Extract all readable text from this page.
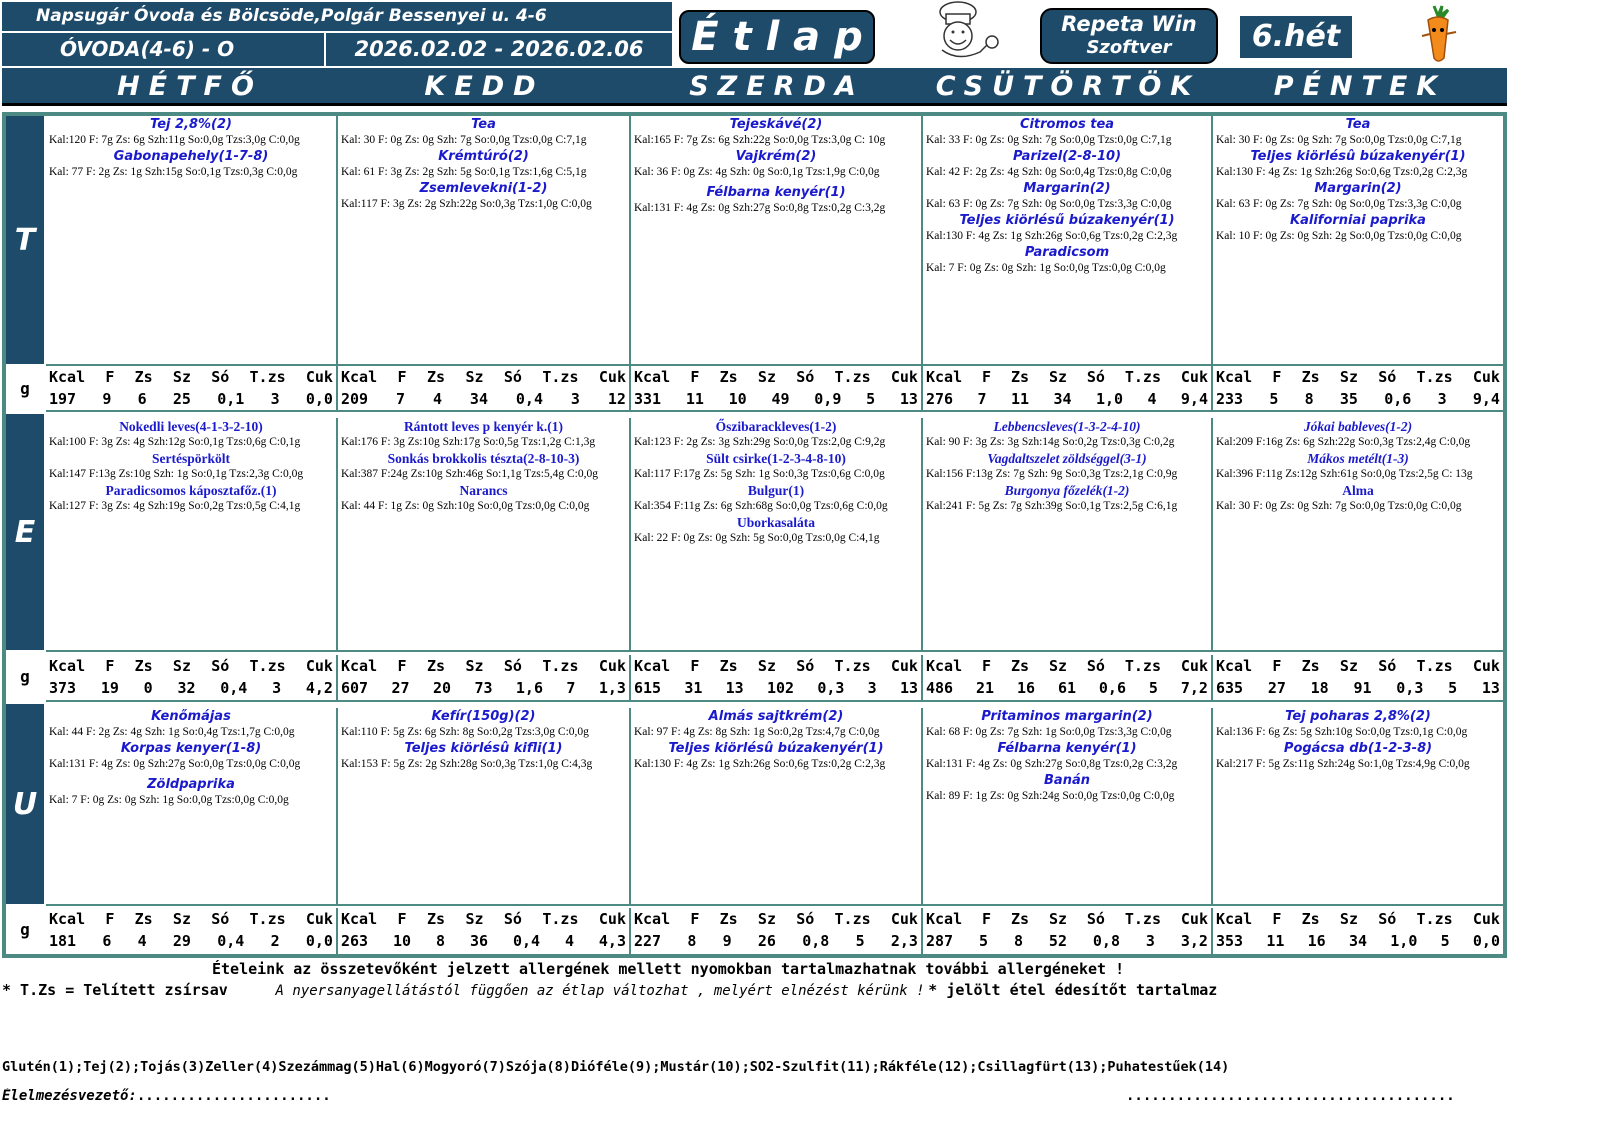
Napsugár Óvoda és Bölcsöde,Polgár Bessenyei u. 4-6
ÓVODA(4-6) - O	2026.02.02 - 2026.02.06	É t l a p	Repeta Win
Szoftver	6.hét
HÉTFŐ	KEDD	SZERDA	CSÜTÖRTÖK	PÉNTEK
T
Tej 2,8%(2)
Kal:120 F: 7g Zs: 6g Szh:11g So:0,0g Tzs:3,0g C:0,0g
Gabonapehely(1-7-8)
Kal: 77 F: 2g Zs: 1g Szh:15g So:0,1g Tzs:0,3g C:0,0g
Tea
Kal: 30 F: 0g Zs: 0g Szh: 7g So:0,0g Tzs:0,0g C:7,1g
Krémtúró(2)
Kal: 61 F: 3g Zs: 2g Szh: 5g So:0,1g Tzs:1,6g C:5,1g
Zsemlevekni(1-2)
Kal:117 F: 3g Zs: 2g Szh:22g So:0,3g Tzs:1,0g C:0,0g
Tejeskávé(2)
Kal:165 F: 7g Zs: 6g Szh:22g So:0,0g Tzs:3,0g C: 10g
Vajkrém(2)
Kal: 36 F: 0g Zs: 4g Szh: 0g So:0,1g Tzs:1,9g C:0,0g
Félbarna kenyér(1)
Kal:131 F: 4g Zs: 0g Szh:27g So:0,8g Tzs:0,2g C:3,2g
Citromos tea
Kal: 33 F: 0g Zs: 0g Szh: 7g So:0,0g Tzs:0,0g C:7,1g
Parizel(2-8-10)
Kal: 42 F: 2g Zs: 4g Szh: 0g So:0,4g Tzs:0,8g C:0,0g
Margarin(2)
Kal: 63 F: 0g Zs: 7g Szh: 0g So:0,0g Tzs:3,3g C:0,0g
Teljes kiörlésű búzakenyér(1)
Kal:130 F: 4g Zs: 1g Szh:26g So:0,6g Tzs:0,2g C:2,3g
Paradicsom
Kal: 7 F: 0g Zs: 0g Szh: 1g So:0,0g Tzs:0,0g C:0,0g
Tea
Kal: 30 F: 0g Zs: 0g Szh: 7g So:0,0g Tzs:0,0g C:7,1g
Teljes kiörlésû búzakenyér(1)
Kal:130 F: 4g Zs: 1g Szh:26g So:0,6g Tzs:0,2g C:2,3g
Margarin(2)
Kal: 63 F: 0g Zs: 7g Szh: 0g So:0,0g Tzs:3,3g C:0,0g
Kaliforniai paprika
Kal: 10 F: 0g Zs: 0g Szh: 2g So:0,0g Tzs:0,0g C:0,0g
g
Kcal F Zs Sz Só T.zs Cuk
197 9 6 25 0,1 3 0,0
Kcal F Zs Sz Só T.zs Cuk
209 7 4 34 0,4 3 12
Kcal F Zs Sz Só T.zs Cuk
331 11 10 49 0,9 5 13
Kcal F Zs Sz Só T.zs Cuk
276 7 11 34 1,0 4 9,4
Kcal F Zs Sz Só T.zs Cuk
233 5 8 35 0,6 3 9,4
E
Nokedli leves(4-1-3-2-10)
Kal:100 F: 3g Zs: 4g Szh:12g So:0,1g Tzs:0,6g C:0,1g
Sertéspörkölt
Kal:147 F:13g Zs:10g Szh: 1g So:0,1g Tzs:2,3g C:0,0g
Paradicsomos káposztafőz.(1)
Kal:127 F: 3g Zs: 4g Szh:19g So:0,2g Tzs:0,5g C:4,1g
Rántott leves p kenyér k.(1)
Kal:176 F: 3g Zs:10g Szh:17g So:0,5g Tzs:1,2g C:1,3g
Sonkás brokkolis tészta(2-8-10-3)
Kal:387 F:24g Zs:10g Szh:46g So:1,1g Tzs:5,4g C:0,0g
Narancs
Kal: 44 F: 1g Zs: 0g Szh:10g So:0,0g Tzs:0,0g C:0,0g
Őszibarackleves(1-2)
Kal:123 F: 2g Zs: 3g Szh:29g So:0,0g Tzs:2,0g C:9,2g
Sült csirke(1-2-3-4-8-10)
Kal:117 F:17g Zs: 5g Szh: 1g So:0,3g Tzs:0,6g C:0,0g
Bulgur(1)
Kal:354 F:11g Zs: 6g Szh:68g So:0,0g Tzs:0,6g C:0,0g
Uborkasaláta
Kal: 22 F: 0g Zs: 0g Szh: 5g So:0,0g Tzs:0,0g C:4,1g
Lebbencsleves(1-3-2-4-10)
Kal: 90 F: 3g Zs: 3g Szh:14g So:0,2g Tzs:0,3g C:0,2g
Vagdaltszelet zöldséggel(3-1)
Kal:156 F:13g Zs: 7g Szh: 9g So:0,3g Tzs:2,1g C:0,9g
Burgonya főzelék(1-2)
Kal:241 F: 5g Zs: 7g Szh:39g So:0,1g Tzs:2,5g C:6,1g
Jókai bableves(1-2)
Kal:209 F:16g Zs: 6g Szh:22g So:0,3g Tzs:2,4g C:0,0g
Mákos metélt(1-3)
Kal:396 F:11g Zs:12g Szh:61g So:0,0g Tzs:2,5g C: 13g
Alma
Kal: 30 F: 0g Zs: 0g Szh: 7g So:0,0g Tzs:0,0g C:0,0g
g
Kcal F Zs Sz Só T.zs Cuk
373 19 0 32 0,4 3 4,2
Kcal F Zs Sz Só T.zs Cuk
607 27 20 73 1,6 7 1,3
Kcal F Zs Sz Só T.zs Cuk
615 31 13 102 0,3 3 13
Kcal F Zs Sz Só T.zs Cuk
486 21 16 61 0,6 5 7,2
Kcal F Zs Sz Só T.zs Cuk
635 27 18 91 0,3 5 13
U
Kenőmájas
Kal: 44 F: 2g Zs: 4g Szh: 1g So:0,4g Tzs:1,7g C:0,0g
Korpas kenyer(1-8)
Kal:131 F: 4g Zs: 0g Szh:27g So:0,0g Tzs:0,0g C:0,0g
Zöldpaprika
Kal: 7 F: 0g Zs: 0g Szh: 1g So:0,0g Tzs:0,0g C:0,0g
Kefír(150g)(2)
Kal:110 F: 5g Zs: 6g Szh: 8g So:0,2g Tzs:3,0g C:0,0g
Teljes kiörlésû kifli(1)
Kal:153 F: 5g Zs: 2g Szh:28g So:0,3g Tzs:1,0g C:4,3g
Almás sajtkrém(2)
Kal: 97 F: 4g Zs: 8g Szh: 1g So:0,2g Tzs:4,7g C:0,0g
Teljes kiörlésû búzakenyér(1)
Kal:130 F: 4g Zs: 1g Szh:26g So:0,6g Tzs:0,2g C:2,3g
Pritaminos margarin(2)
Kal: 68 F: 0g Zs: 7g Szh: 1g So:0,0g Tzs:3,3g C:0,0g
Félbarna kenyér(1)
Kal:131 F: 4g Zs: 0g Szh:27g So:0,8g Tzs:0,2g C:3,2g
Banán
Kal: 89 F: 1g Zs: 0g Szh:24g So:0,0g Tzs:0,0g C:0,0g
Tej poharas 2,8%(2)
Kal:136 F: 6g Zs: 5g Szh:10g So:0,0g Tzs:0,1g C:0,0g
Pogácsa db(1-2-3-8)
Kal:217 F: 5g Zs:11g Szh:24g So:1,0g Tzs:4,9g C:0,0g
g
Kcal F Zs Sz Só T.zs Cuk
181 6 4 29 0,4 2 0,0
Kcal F Zs Sz Só T.zs Cuk
263 10 8 36 0,4 4 4,3
Kcal F Zs Sz Só T.zs Cuk
227 8 9 26 0,8 5 2,3
Kcal F Zs Sz Só T.zs Cuk
287 5 8 52 0,8 3 3,2
Kcal F Zs Sz Só T.zs Cuk
353 11 16 34 1,0 5 0,0
Ételeink az összetevőként jelzett allergének mellett nyomokban tartalmazhatnak további allergéneket !
* T.Zs = Telített zsírsav	A nyersanyagellátástól függően az étlap változhat , melyért elnézést kérünk ! * jelölt étel édesítőt tartalmaz
Glutén(1);Tej(2);Tojás(3)Zeller(4)Szezámmag(5)Hal(6)Mogyoró(7)Szója(8)Dióféle(9);Mustár(10);SO2-Szulfit(11);Rákféle(12);Csillagfürt(13);Puhatestűek(14)
Élelmezésvezető:.......................	.......................................
